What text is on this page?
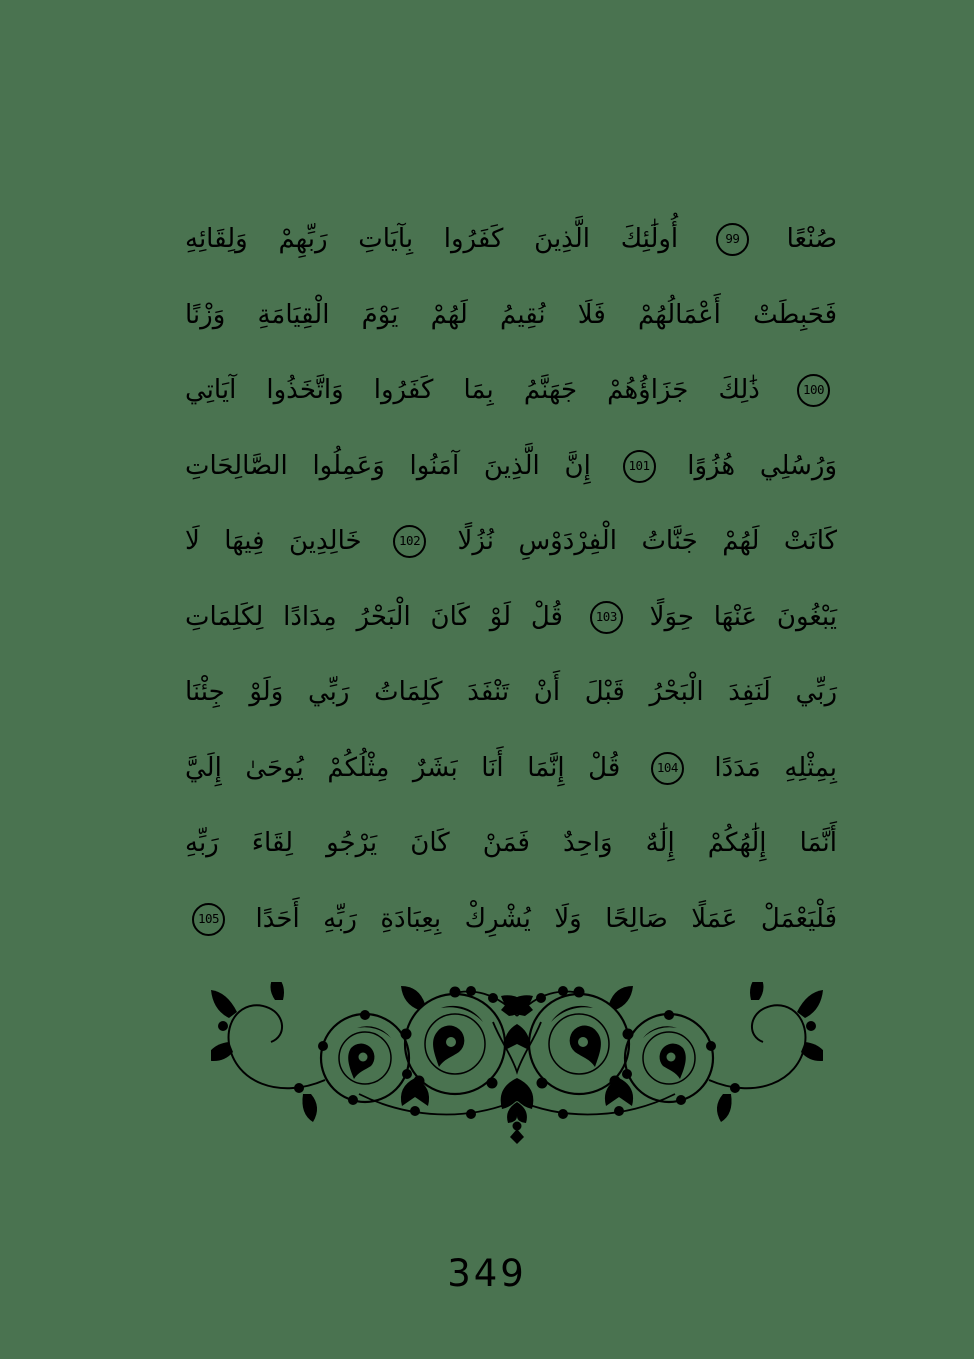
صُنْعًا 99 أُولَٰئِكَ الَّذِينَ كَفَرُوا بِآيَاتِ رَبِّهِمْ وَلِقَائِهِ
فَحَبِطَتْ أَعْمَالُهُمْ فَلَا نُقِيمُ لَهُمْ يَوْمَ الْقِيَامَةِ وَزْنًا
100 ذَٰلِكَ جَزَاؤُهُمْ جَهَنَّمُ بِمَا كَفَرُوا وَاتَّخَذُوا آيَاتِي
وَرُسُلِي هُزُوًا 101 إِنَّ الَّذِينَ آمَنُوا وَعَمِلُوا الصَّالِحَاتِ
كَانَتْ لَهُمْ جَنَّاتُ الْفِرْدَوْسِ نُزُلًا 102 خَالِدِينَ فِيهَا لَا
يَبْغُونَ عَنْهَا حِوَلًا 103 قُلْ لَوْ كَانَ الْبَحْرُ مِدَادًا لِكَلِمَاتِ
رَبِّي لَنَفِدَ الْبَحْرُ قَبْلَ أَنْ تَنْفَدَ كَلِمَاتُ رَبِّي وَلَوْ جِئْنَا
بِمِثْلِهِ مَدَدًا 104 قُلْ إِنَّمَا أَنَا بَشَرٌ مِثْلُكُمْ يُوحَىٰ إِلَيَّ
أَنَّمَا إِلَٰهُكُمْ إِلَٰهٌ وَاحِدٌ فَمَنْ كَانَ يَرْجُو لِقَاءَ رَبِّهِ
فَلْيَعْمَلْ عَمَلًا صَالِحًا وَلَا يُشْرِكْ بِعِبَادَةِ رَبِّهِ أَحَدًا 105
349
